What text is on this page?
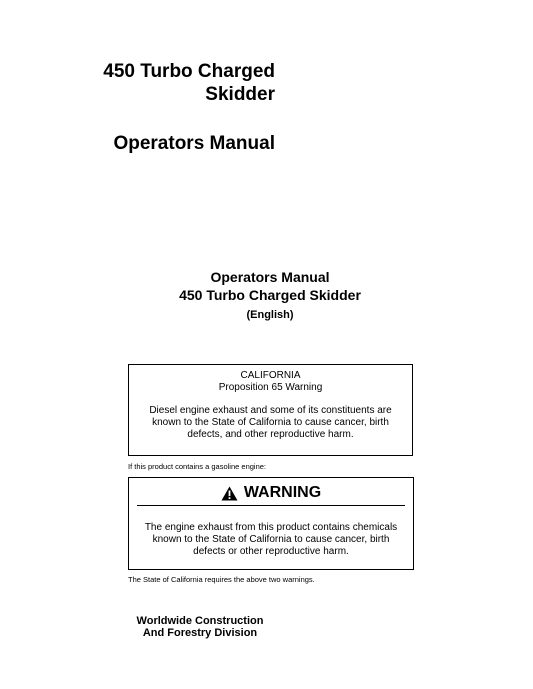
450 Turbo Charged
Skidder
Operators Manual
Operators Manual
450 Turbo Charged Skidder
(English)
CALIFORNIA
Proposition 65 Warning
Diesel engine exhaust and some of its constituents are known to the State of California to cause cancer, birth defects, and other reproductive harm.
If this product contains a gasoline engine:
WARNING
The engine exhaust from this product contains chemicals known to the State of California to cause cancer, birth defects or other reproductive harm.
The State of California requires the above two warnings.
Worldwide Construction
And Forestry Division
